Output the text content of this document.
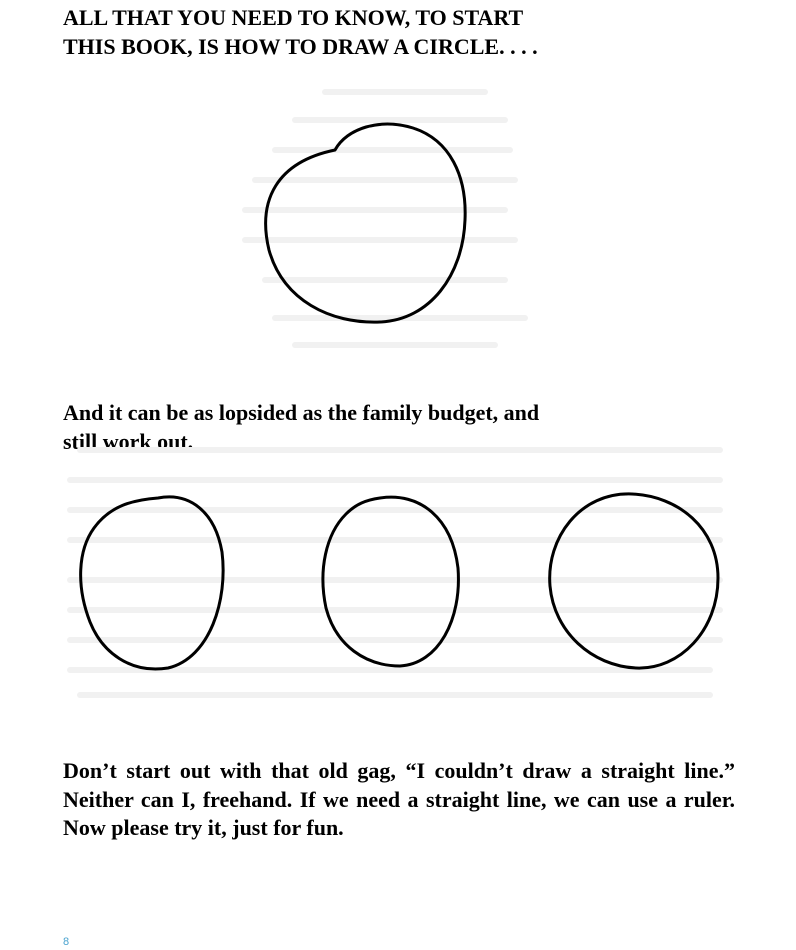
ALL THAT YOU NEED TO KNOW, TO START
THIS BOOK, IS HOW TO DRAW A CIRCLE. . . .

And it can be as lopsided as the family budget, and
still work out.

Don’t start out with that old gag, “I couldn’t draw a straight line.” Neither can I, freehand. If we need a straight line, we can use a ruler. Now please try it, just for fun.

8
